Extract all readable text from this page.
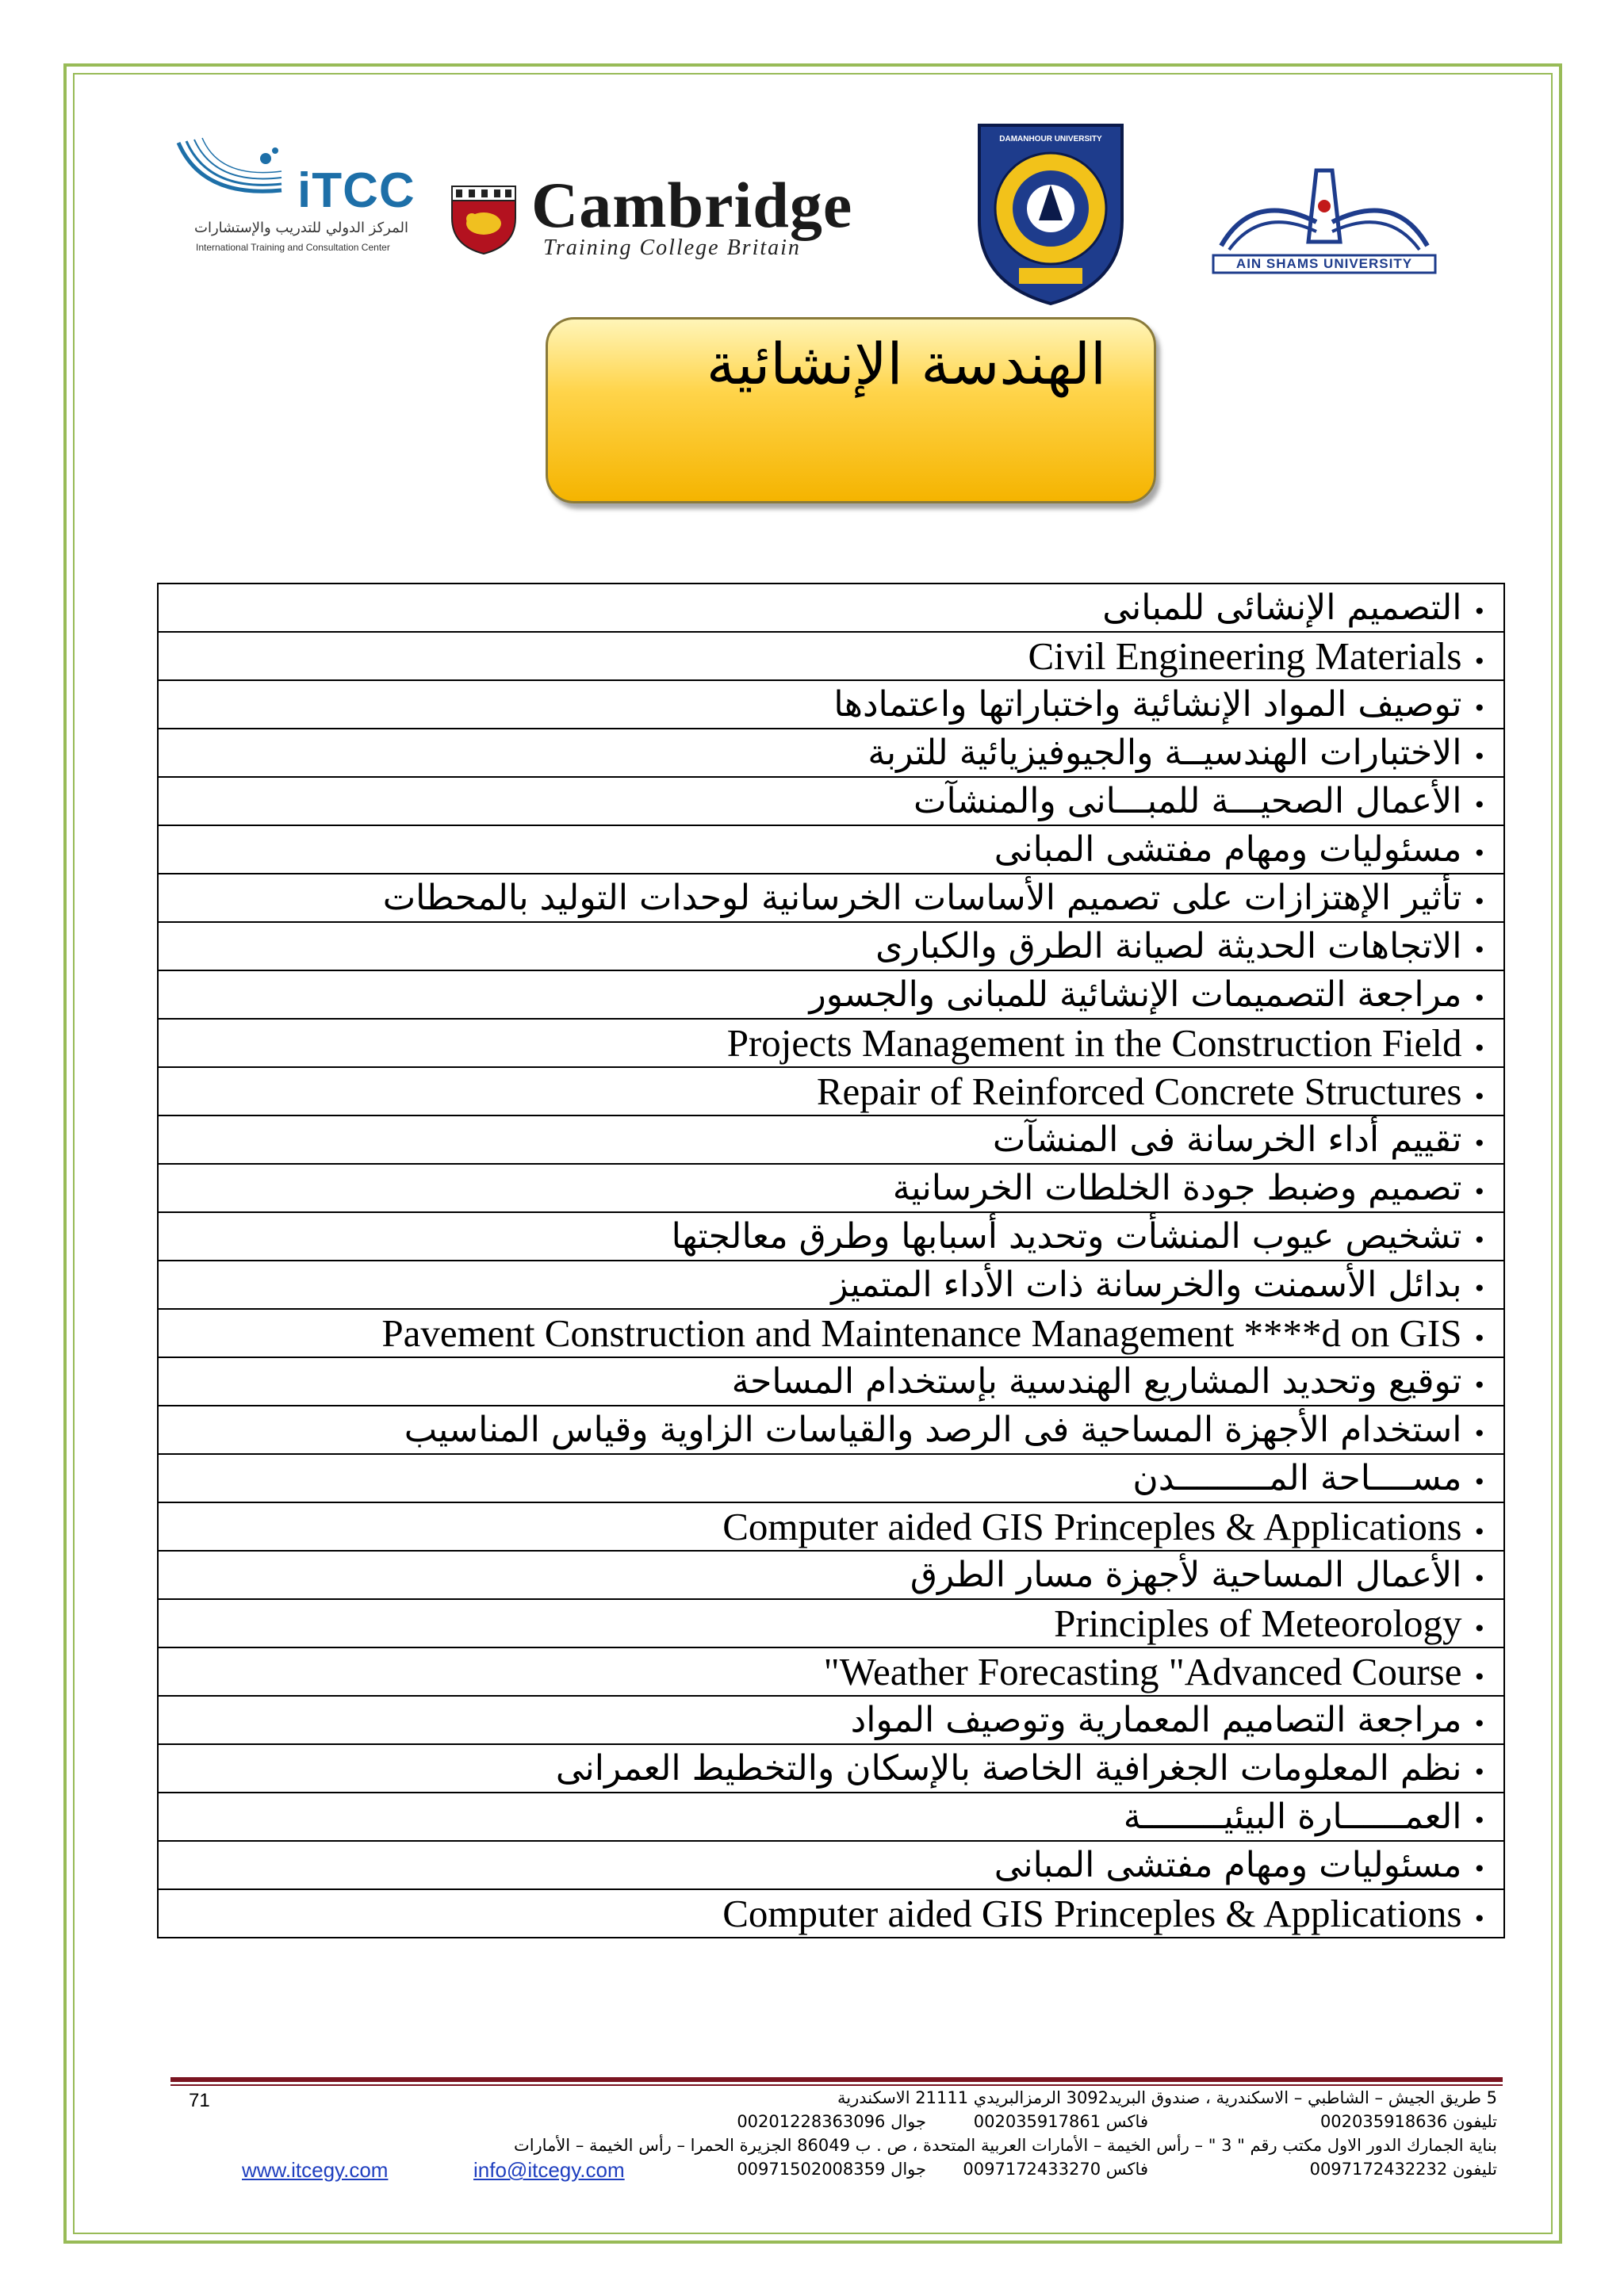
iTCC
المركز الدولي للتدريب والإستشارات
International Training and Consultation Center
Cambridge
Training College Britain
DAMANHOUR UNIVERSITY
AIN SHAMS UNIVERSITY
الهندسة الإنشائية
•التصميم الإنشائى للمبانى
•Civil Engineering Materials
•توصيف المواد الإنشائية واختباراتها واعتمادها
•الاختبارات الهندسيــة والجيوفيزيائية للتربة
•الأعمال الصحيـــة للمبـــانى والمنشآت
•مسئوليات ومهام مفتشى المبانى
•تأثير الإهتزازات على تصميم الأساسات الخرسانية لوحدات التوليد بالمحطات
•الاتجاهات الحديثة لصيانة الطرق والكبارى
•مراجعة التصميمات الإنشائية للمبانى والجسور
•Projects Management in the Construction Field
•Repair of Reinforced Concrete Structures
•تقييم أداء الخرسانة فى المنشآت
•تصميم وضبط جودة الخلطات الخرسانية
•تشخيص عيوب المنشأت وتحديد أسبابها وطرق معالجتها
•بدائل الأسمنت والخرسانة ذات الأداء المتميز
•Pavement Construction and Maintenance Management ****d on GIS
•توقيع وتحديد المشاريع الهندسية بإستخدام المساحة
•استخدام الأجهزة المساحية فى الرصد والقياسات الزاوية وقياس المناسيب
•مســــاحة المـــــــــدن
•Computer aided GIS Princeples & Applications
•الأعمال المساحية لأجهزة مسار الطرق
•Principles of Meteorology
•"Weather Forecasting "Advanced Course
•مراجعة التصاميم المعمارية وتوصيف المواد
•نظم المعلومات الجغرافية الخاصة بالإسكان والتخطيط العمرانى
•العمــــــارة البيئيــــــــة
•مسئوليات ومهام مفتشى المبانى
•Computer aided GIS Princeples & Applications
71	5 طريق الجيش – الشاطبي – الاسكندرية ، صندوق البريد3092 الرمزالبريدي 21111 الاسكندرية
تليفون 002035918636
فاكس 002035917861
جوال 00201228363096
بناية الجمارك الدور الاول مكتب رقم " 3 " – رأس الخيمة – الأمارات العربية المتحدة ، ص . ب 86049 الجزيرة الحمرا – رأس الخيمة – الأمارات
تليفون 0097172432232
فاكس 0097172433270
جوال 00971502008359
www.itcegy.com	info@itcegy.com
